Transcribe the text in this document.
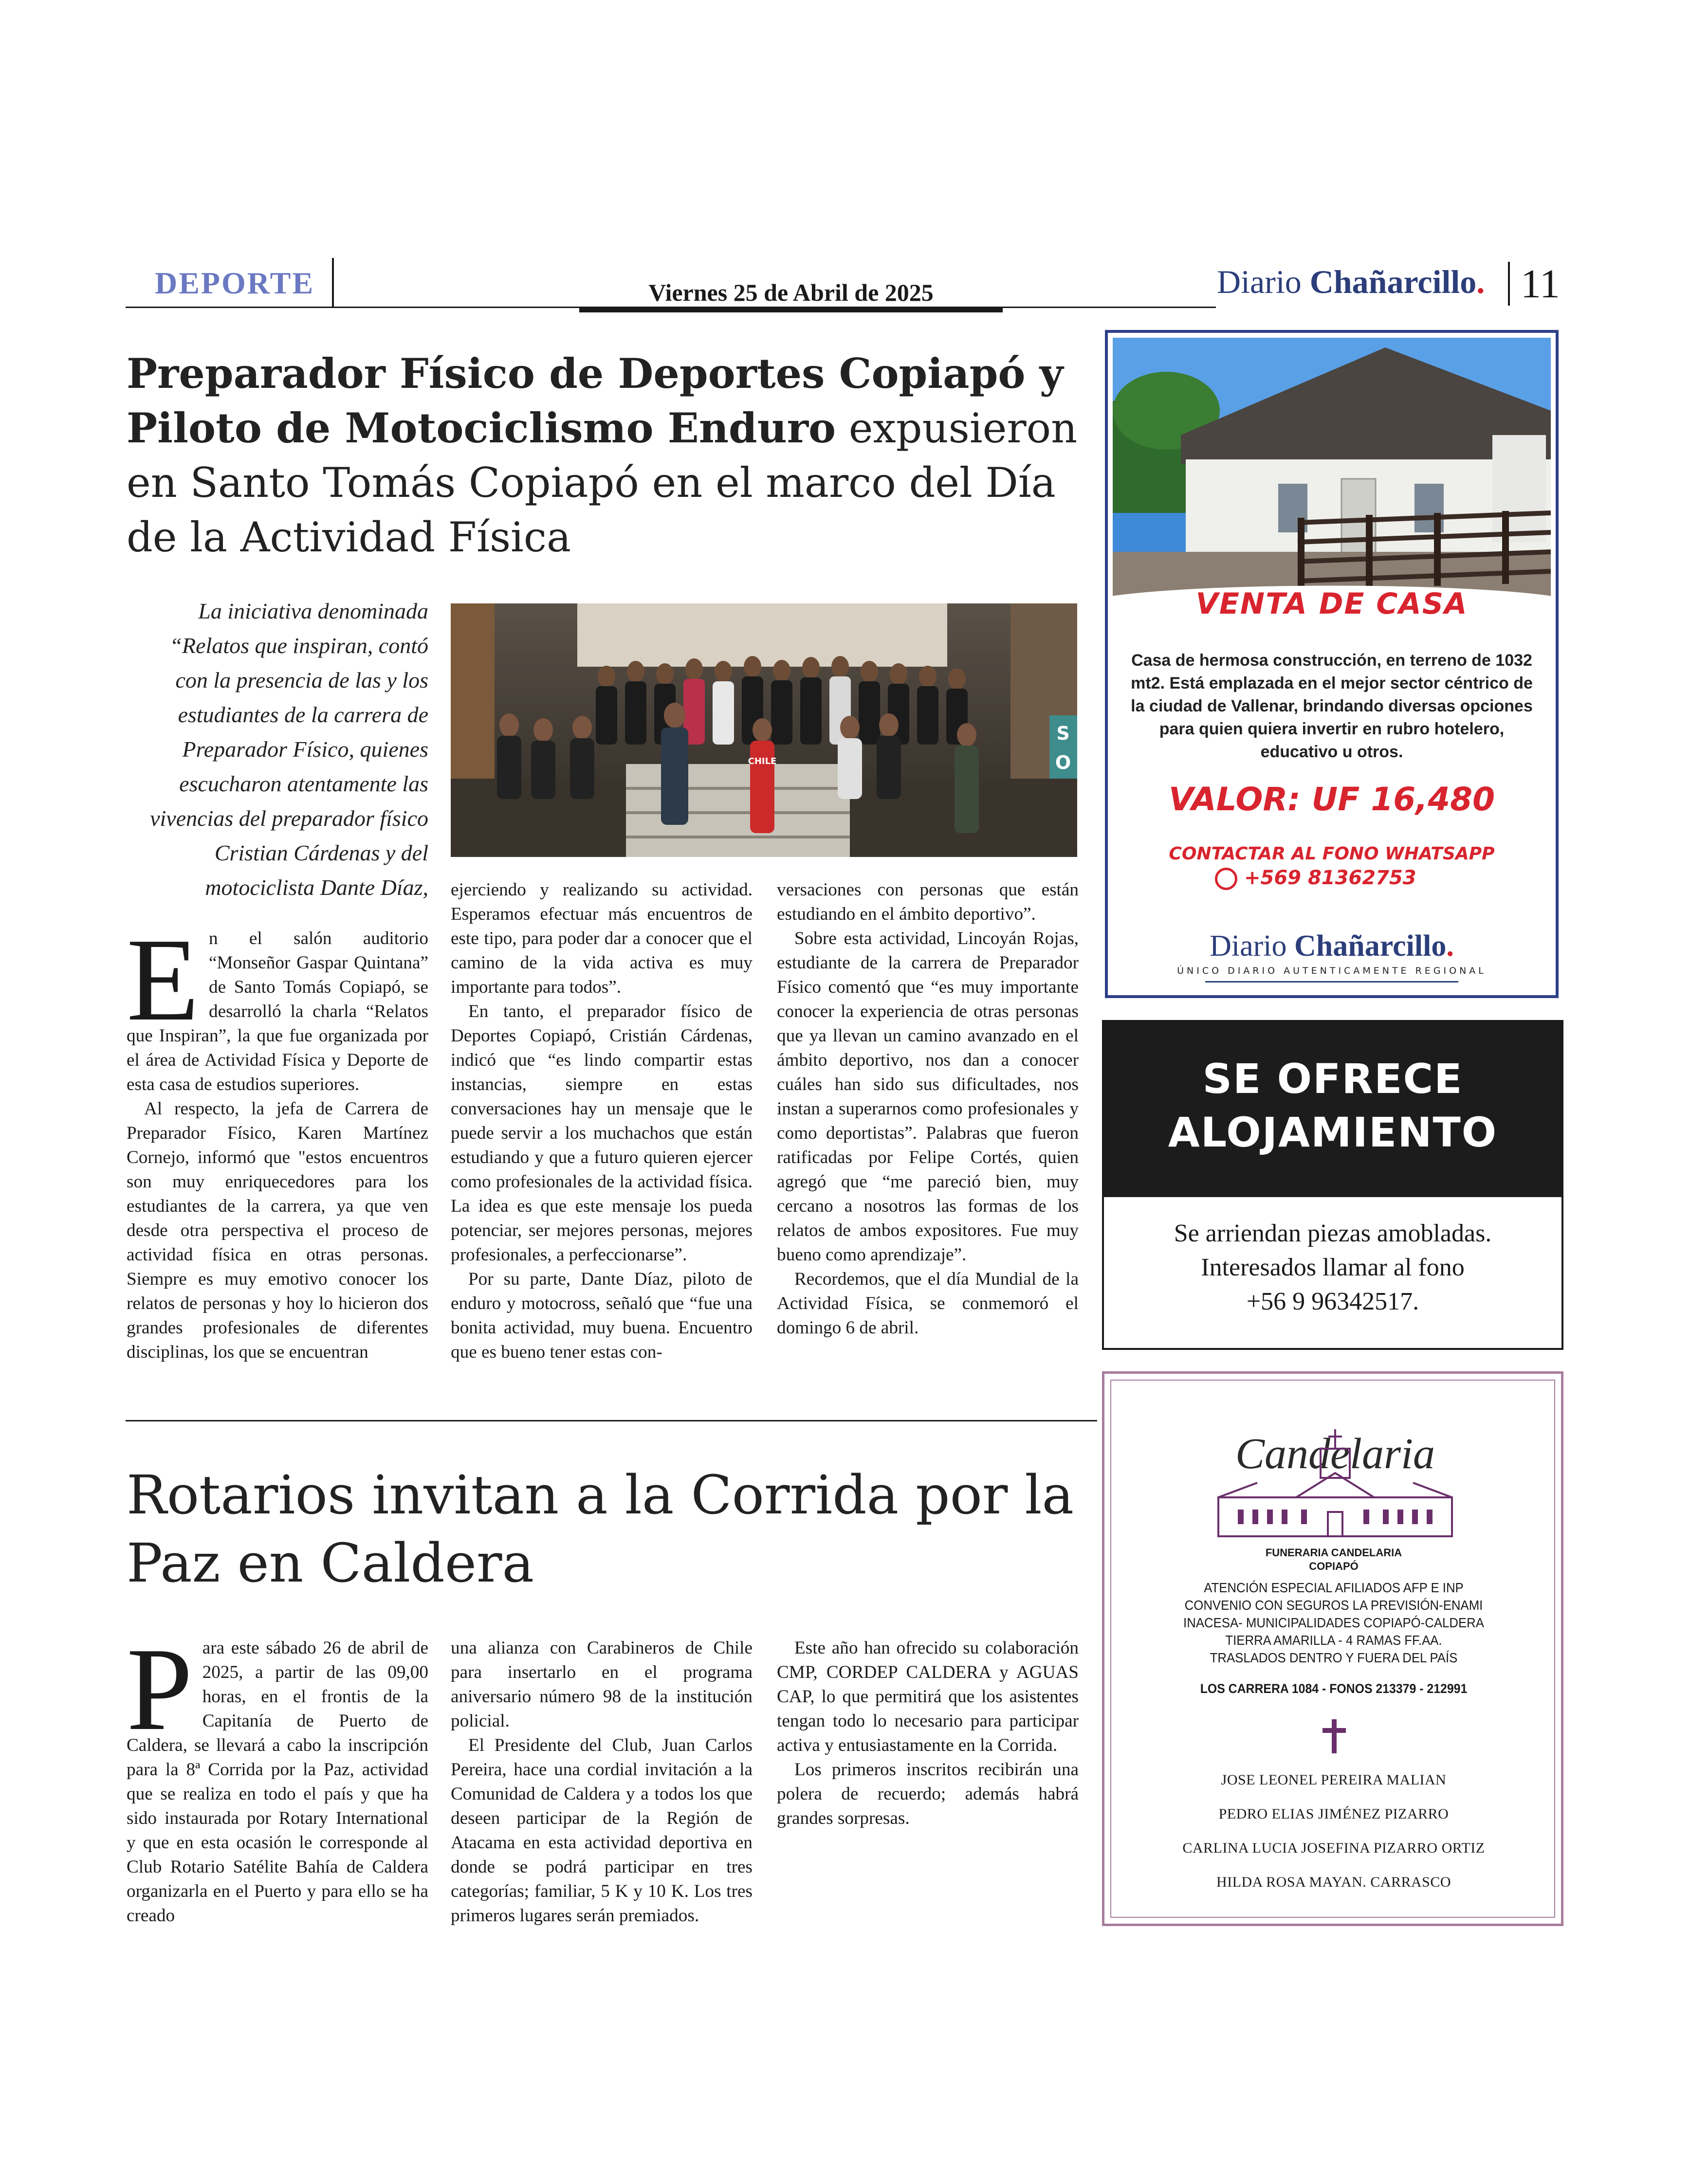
DEPORTE	Viernes 25 de Abril de 2025	Diario Chañarcillo. 11
Preparador Físico de Deportes Copiapó y Piloto de Motociclismo Enduro expusieron en Santo Tomás Copiapó en el marco del Día de la Actividad Física
La iniciativa denominada “Relatos que inspiran, contó con la presencia de las y los estudiantes de la carrera de Preparador Físico, quienes escucharon atentamente las vivencias del preparador físico Cristian Cárdenas y del motociclista Dante Díaz,
CHILE
S
O

En el salón auditorio “Monseñor Gaspar Quintana” de Santo Tomás Copiapó, se desarrolló la charla “Relatos que Inspiran”, la que fue organizada por el área de Actividad Física y Deporte de esta casa de estudios superiores.

Al respecto, la jefa de Carrera de Preparador Físico, Karen Martínez Cornejo, informó que "estos encuentros son muy enriquecedores para los estudiantes de la carrera, ya que ven desde otra perspectiva el proceso de actividad física en otras personas. Siempre es muy emotivo conocer los relatos de personas y hoy lo hicieron dos grandes profesionales de diferentes disciplinas, los que se encuentran

ejerciendo y realizando su actividad. Esperamos efectuar más encuentros de este tipo, para poder dar a conocer que el camino de la vida activa es muy importante para todos”.

En tanto, el preparador físico de Deportes Copiapó, Cristián Cárdenas, indicó que “es lindo compartir estas instancias, siempre en estas conversaciones hay un mensaje que le puede servir a los muchachos que están estudiando y que a futuro quieren ejercer como profesionales de la actividad física. La idea es que este mensaje los pueda potenciar, ser mejores personas, mejores profesionales, a perfeccionarse”.

Por su parte, Dante Díaz, piloto de enduro y motocross, señaló que “fue una bonita actividad, muy buena. Encuentro que es bueno tener estas con-

versaciones con personas que están estudiando en el ámbito deportivo”.

Sobre esta actividad, Lincoyán Rojas, estudiante de la carrera de Preparador Físico comentó que “es muy importante conocer la experiencia de otras personas que ya llevan un camino avanzado en el ámbito deportivo, nos dan a conocer cuáles han sido sus dificultades, nos instan a superarnos como profesionales y como deportistas”. Palabras que fueron ratificadas por Felipe Cortés, quien agregó que “me pareció bien, muy cercano a nosotros las formas de los relatos de ambos expositores. Fue muy bueno como aprendizaje”.

Recordemos, que el día Mundial de la Actividad Física, se conmemoró el domingo 6 de abril.

Rotarios invitan a la Corrida por la Paz en Caldera

Para este sábado 26 de abril de 2025, a partir de las 09,00 horas, en el frontis de la Capitanía de Puerto de Caldera, se llevará a cabo la inscripción para la 8ª Corrida por la Paz, actividad que se realiza en todo el país y que ha sido instaurada por Rotary International y que en esta ocasión le corresponde al Club Rotario Satélite Bahía de Caldera organizarla en el Puerto y para ello se ha creado

una alianza con Carabineros de Chile para insertarlo en el programa aniversario número 98 de la institución policial.

El Presidente del Club, Juan Carlos Pereira, hace una cordial invitación a la Comunidad de Caldera y a todos los que deseen participar de la Región de Atacama en esta actividad deportiva en donde se podrá participar en tres categorías; familiar, 5 K y 10 K. Los tres primeros lugares serán premiados.

Este año han ofrecido su colaboración CMP, CORDEP CALDERA y AGUAS CAP, lo que permitirá que los asistentes tengan todo lo necesario para participar activa y entusiastamente en la Corrida.

Los primeros inscritos recibirán una polera de recuerdo; además habrá grandes sorpresas.

VENTA DE CASA
Casa de hermosa construcción, en terreno de 1032 mt2. Está emplazada en el mejor sector céntrico de la ciudad de Vallenar, brindando diversas opciones para quien quiera invertir en rubro hotelero, educativo u otros.
VALOR: UF 16,480
CONTACTAR AL FONO WHATSAPP
+569 81362753
Diario Chañarcillo.
ÚNICO DIARIO AUTENTICAMENTE REGIONAL
SE OFRECE
ALOJAMIENTO
Se arriendan piezas amobladas.
Interesados llamar al fono
+56 9 96342517.
Candelaria
FUNERARIA CANDELARIA
COPIAPÓ
ATENCIÓN ESPECIAL AFILIADOS AFP E INP
CONVENIO CON SEGUROS LA PREVISIÓN-ENAMI
INACESA- MUNICIPALIDADES COPIAPÓ-CALDERA
TIERRA AMARILLA - 4 RAMAS FF.AA.
TRASLADOS DENTRO Y FUERA DEL PAÍS
LOS CARRERA 1084 - FONOS 213379 - 212991
JOSE LEONEL PEREIRA MALIAN
PEDRO ELIAS JIMÉNEZ PIZARRO
CARLINA LUCIA JOSEFINA PIZARRO ORTIZ
HILDA ROSA MAYAN. CARRASCO
